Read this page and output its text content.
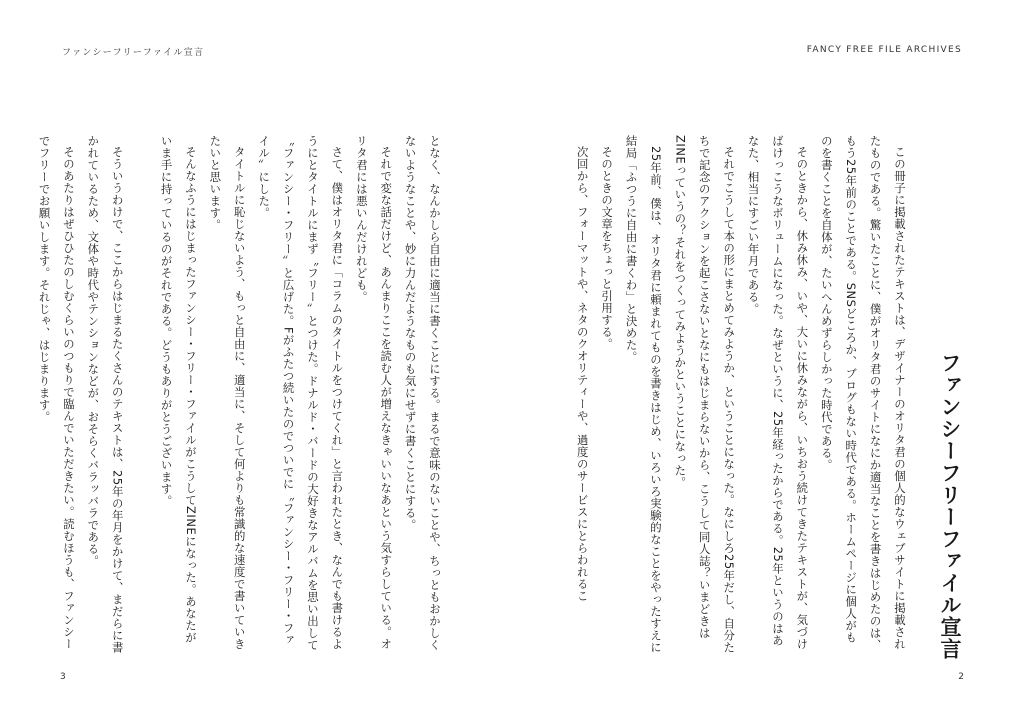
ファンシーフリーファイル宣言	FANCY FREE FILE ARCHIVES
ファンシーフリーファイル宣言

この冊子に掲載されたテキストは、デザイナーのオリタ君の個人的なウェブサイトに掲載されたものである。驚いたことに、僕がオリタ君のサイトになにか適当なことを書きはじめたのは、もう25年前のことである。SNSどころか、ブログもない時代である。ホームページに個人がものを書くことを自体が、たいへんめずらしかった時代である。

そのときから、休み休み、いや、大いに休みながら、いちおう続けてきたテキストが、気づけばけっこうなボリュームになった。なぜというに、25年経ったからである。25年というのはあなた、相当にすごい年月である。

それでこうして本の形にまとめてみようか、ということになった。なにしろ25年だし、自分たちで記念のアクションを起こさないとなにもはじまらないから、こうして同人誌？いまどきはZINEっていうの？それをつくってみようかということになった。

25年前、僕は、オリタ君に頼まれてものを書きはじめ、いろいろ実験的なことをやったすえに結局「ふつうに自由に書くわ」と決めた。

そのときの文章をちょっと引用する。

次回から、フォーマットや、ネタのクオリティーや、過度のサービスにとらわれるこ

となく、なんかしら自由に適当に書くことにする。まるで意味のないことや、ちっともおかしくないようなことや、妙に力んだようなものも気にせずに書くことにする。

それで変な話だけど、あんまりここを読む人が増えなきゃいいなあという気すらしている。オリタ君には悪いんだけれども。

さて、僕はオリタ君に「コラムのタイトルをつけてくれ」と言われたとき、なんでも書けるようにとタイトルにまず〝フリー〟とつけた。ドナルド・バードの大好きなアルバムを思い出して〝ファンシー・フリー〟と広げた。Fがふたつ続いたのでついでに〝ファンシー・フリー・ファイル〟にした。

タイトルに恥じないよう、もっと自由に、適当に、そして何よりも常識的な速度で書いていきたいと思います。

そんなふうにはじまったファンシー・フリー・ファイルがこうしてZINEになった。あなたがいま手に持っているのがそれである。どうもありがとうございます。

そういうわけで、ここからはじまるたくさんのテキストは、25年の年月をかけて、まだらに書かれているため、文体や時代やテンションなどが、おそらくバラッバラである。

そのあたりはぜひひたのしむくらいのつもりで臨んでいただきたい。読むほうも、ファンシーでフリーでお願いします。それじゃ、はじまります。

3	2
